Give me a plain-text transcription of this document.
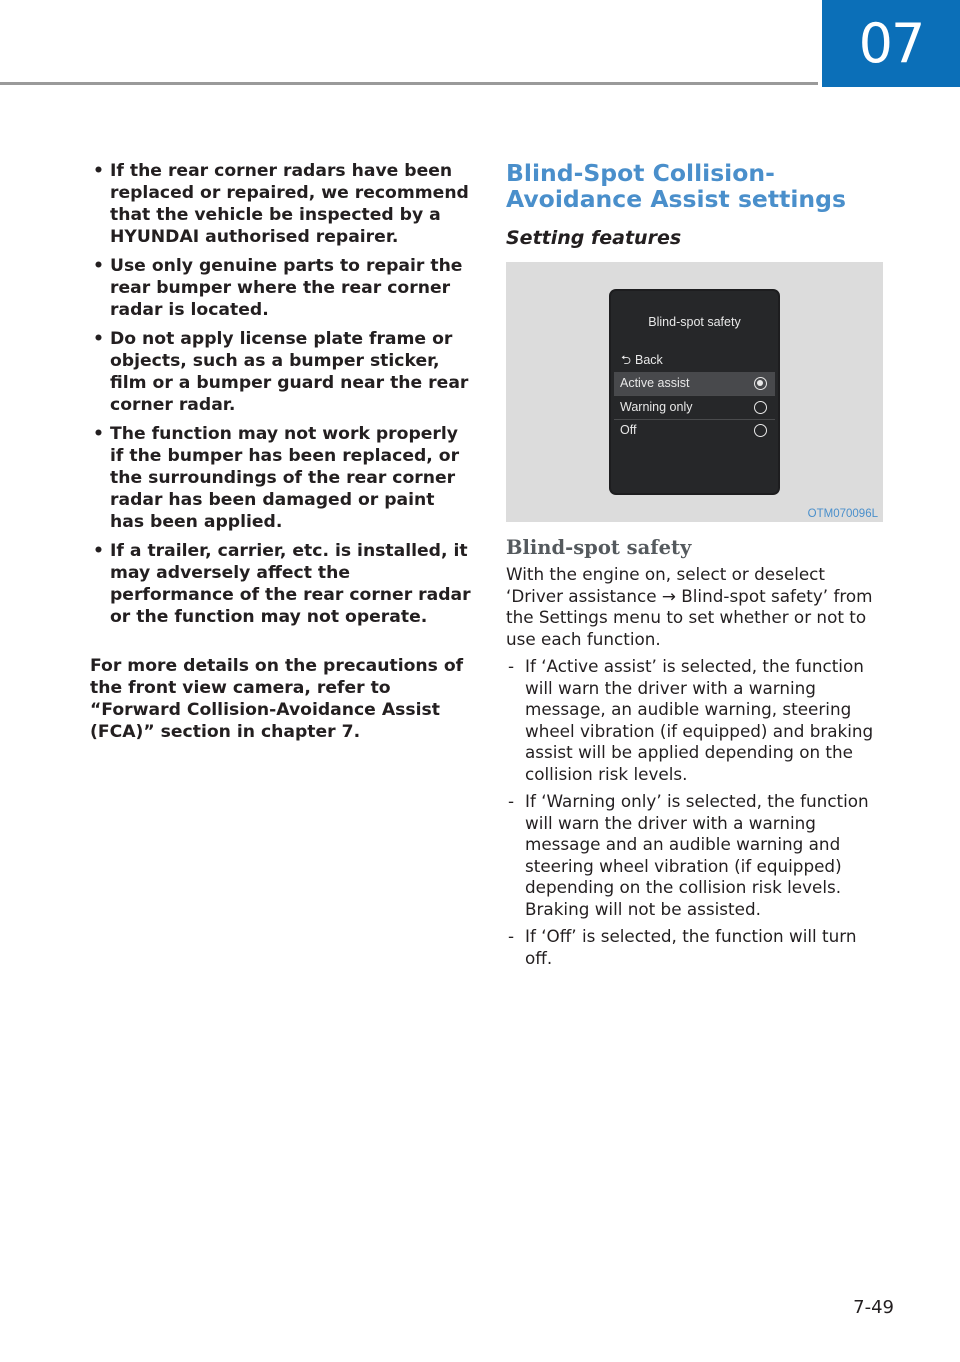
07
• If the rear corner radars have been replaced or repaired, we recommend that the vehicle be inspected by a HYUNDAI authorised repairer.
• Use only genuine parts to repair the rear bumper where the rear corner radar is located.
• Do not apply license plate frame or objects, such as a bumper sticker, film or a bumper guard near the rear corner radar.
• The function may not work properly if the bumper has been replaced, or the surroundings of the rear corner radar has been damaged or paint has been applied.
• If a trailer, carrier, etc. is installed, it may adversely affect the performance of the rear corner radar or the function may not operate.

For more details on the precautions of the front view camera, refer to “Forward Collision-Avoidance Assist (FCA)” section in chapter 7.

Blind-Spot Collision-Avoidance Assist settings
Setting features
Blind-spot safety
⮌ Back
Active assist
Warning only
Off
OTM070096L
Blind-spot safety

With the engine on, select or deselect ‘Driver assistance → Blind-spot safety’ from the Settings menu to set whether or not to use each function.

- If ‘Active assist’ is selected, the function will warn the driver with a warning message, an audible warning, steering wheel vibration (if equipped) and braking assist will be applied depending on the collision risk levels.
- If ‘Warning only’ is selected, the function will warn the driver with a warning message and an audible warning and steering wheel vibration (if equipped) depending on the collision risk levels. Braking will not be assisted.
- If ‘Off’ is selected, the function will turn off.
7-49
